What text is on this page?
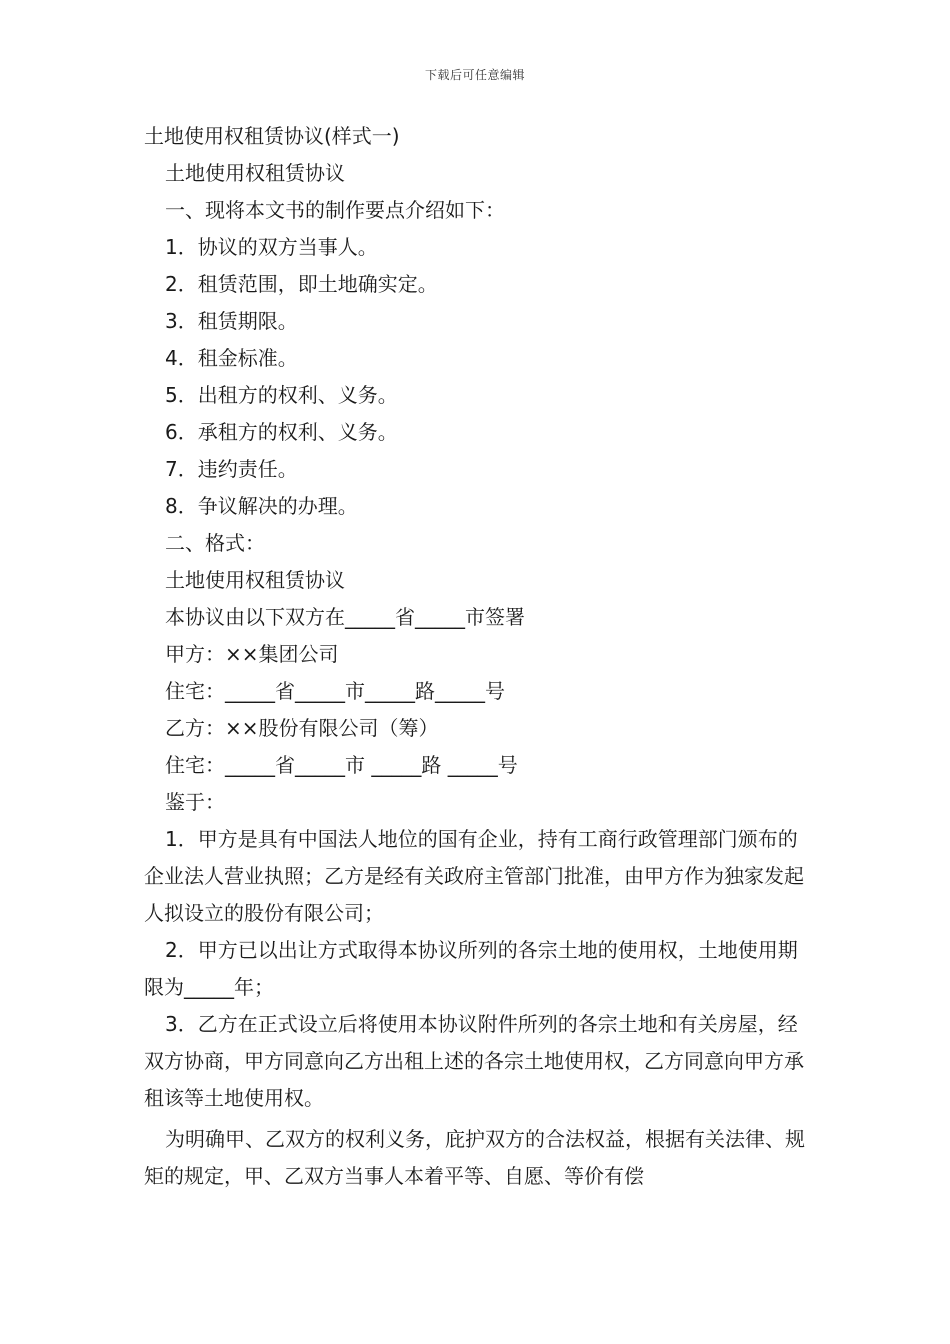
下载后可任意编辑
土地使用权租赁协议(样式一)
土地使用权租赁协议
一、现将本文书的制作要点介绍如下：
1．协议的双方当事人。
2．租赁范围，即土地确实定。
3．租赁期限。
4．租金标准。
5．出租方的权利、义务。
6．承租方的权利、义务。
7．违约责任。
8．争议解决的办理。
二、格式：
土地使用权租赁协议
本协议由以下双方在_____省_____市签署
甲方：××集团公司
住宅：_____省_____市_____路_____号
乙方：××股份有限公司（筹）
住宅：_____省_____市 _____路 _____号
鉴于：
1．甲方是具有中国法人地位的国有企业，持有工商行政管理部门颁布的企业法人营业执照；乙方是经有关政府主管部门批准，由甲方作为独家发起人拟设立的股份有限公司；
2．甲方已以出让方式取得本协议所列的各宗土地的使用权，土地使用期限为_____年；
3．乙方在正式设立后将使用本协议附件所列的各宗土地和有关房屋，经双方协商，甲方同意向乙方出租上述的各宗土地使用权，乙方同意向甲方承租该等土地使用权。
为明确甲、乙双方的权利义务，庇护双方的合法权益，根据有关法律、规矩的规定，甲、乙双方当事人本着平等、自愿、等价有偿
